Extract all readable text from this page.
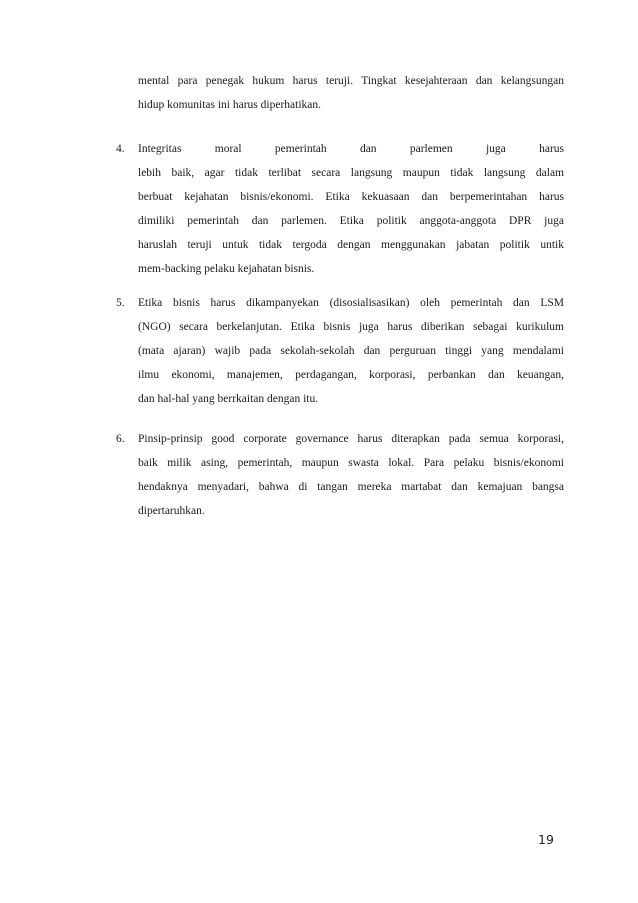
mental para penegak hukum harus teruji. Tingkat kesejahteraan dan kelangsungan
hidup komunitas ini harus diperhatikan.
4. Integritas moral pemerintah dan parlemen juga harus
lebih baik, agar tidak terlibat secara langsung maupun tidak langsung dalam
berbuat kejahatan bisnis/ekonomi. Etika kekuasaan dan berpemerintahan harus
dimiliki pemerintah dan parlemen. Etika politik anggota-anggota DPR juga
haruslah teruji untuk tidak tergoda dengan menggunakan jabatan politik untik
mem-backing pelaku kejahatan bisnis.
5. Etika bisnis harus dikampanyekan (disosialisasikan) oleh pemerintah dan LSM
(NGO) secara berkelanjutan. Etika bisnis juga harus diberikan sebagai kurikulum
(mata ajaran) wajib pada sekolah-sekolah dan perguruan tinggi yang mendalami
ilmu ekonomi, manajemen, perdagangan, korporasi, perbankan dan keuangan,
dan hal-hal yang berrkaitan dengan itu.
6. Pinsip-prinsip good corporate governance harus diterapkan pada semua korporasi,
baik milik asing, pemerintah, maupun swasta lokal. Para pelaku bisnis/ekonomi
hendaknya menyadari, bahwa di tangan mereka martabat dan kemajuan bangsa
dipertaruhkan.
19
